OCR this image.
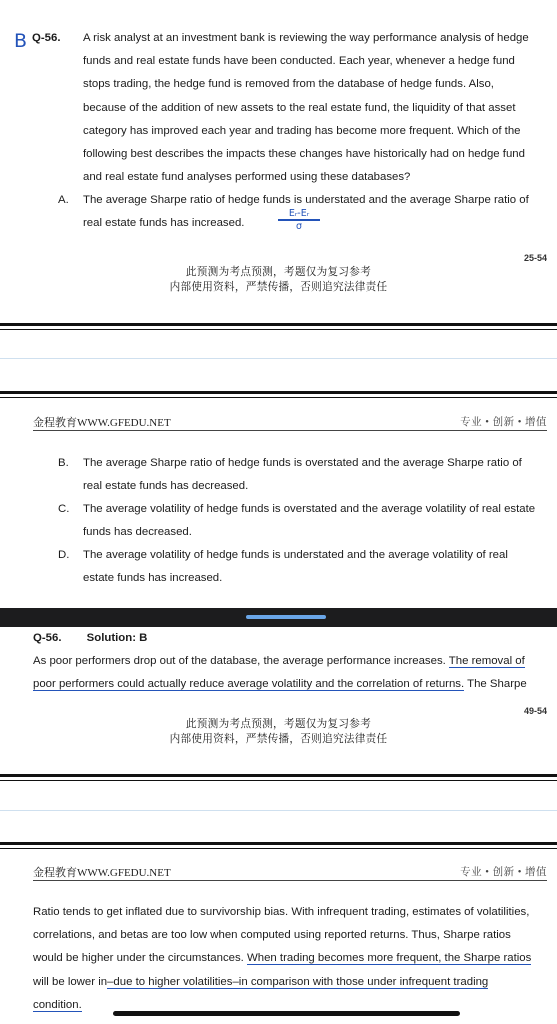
B Q-56. A risk analyst at an investment bank is reviewing the way performance analysis of hedge
funds and real estate funds have been conducted. Each year, whenever a hedge fund
stops trading, the hedge fund is removed from the database of hedge funds. Also,
because of the addition of new assets to the real estate fund, the liquidity of that asset
category has improved each year and trading has become more frequent. Which of the
following best describes the impacts these changes have historically had on hedge fund
and real estate fund analyses performed using these databases?
A. The average Sharpe ratio of hedge funds is understated and the average Sharpe ratio of
real estate funds has increased.
Eᵣ-Eᵣ
σ
25-54
此预测为考点预测，考题仅为复习参考
内部使用资料，严禁传播，否则追究法律责任
金程教育WWW.GFEDU.NET	专业 • 创新 • 增值
B. The average Sharpe ratio of hedge funds is overstated and the average Sharpe ratio of
real estate funds has decreased.
C. The average volatility of hedge funds is overstated and the average volatility of real estate
funds has decreased.
D. The average volatility of hedge funds is understated and the average volatility of real
estate funds has increased.
Q-56. Solution: B
As poor performers drop out of the database, the average performance increases. The removal of
poor performers could actually reduce average volatility and the correlation of returns. The Sharpe
49-54
此预测为考点预测，考题仅为复习参考
内部使用资料，严禁传播，否则追究法律责任
金程教育WWW.GFEDU.NET	专业 • 创新 • 增值
Ratio tends to get inflated due to survivorship bias. With infrequent trading, estimates of volatilities,
correlations, and betas are too low when computed using reported returns. Thus, Sharpe ratios
would be higher under the circumstances. When trading becomes more frequent, the Sharpe ratios
will be lower in–due to higher volatilities–in comparison with those under infrequent trading
condition.
